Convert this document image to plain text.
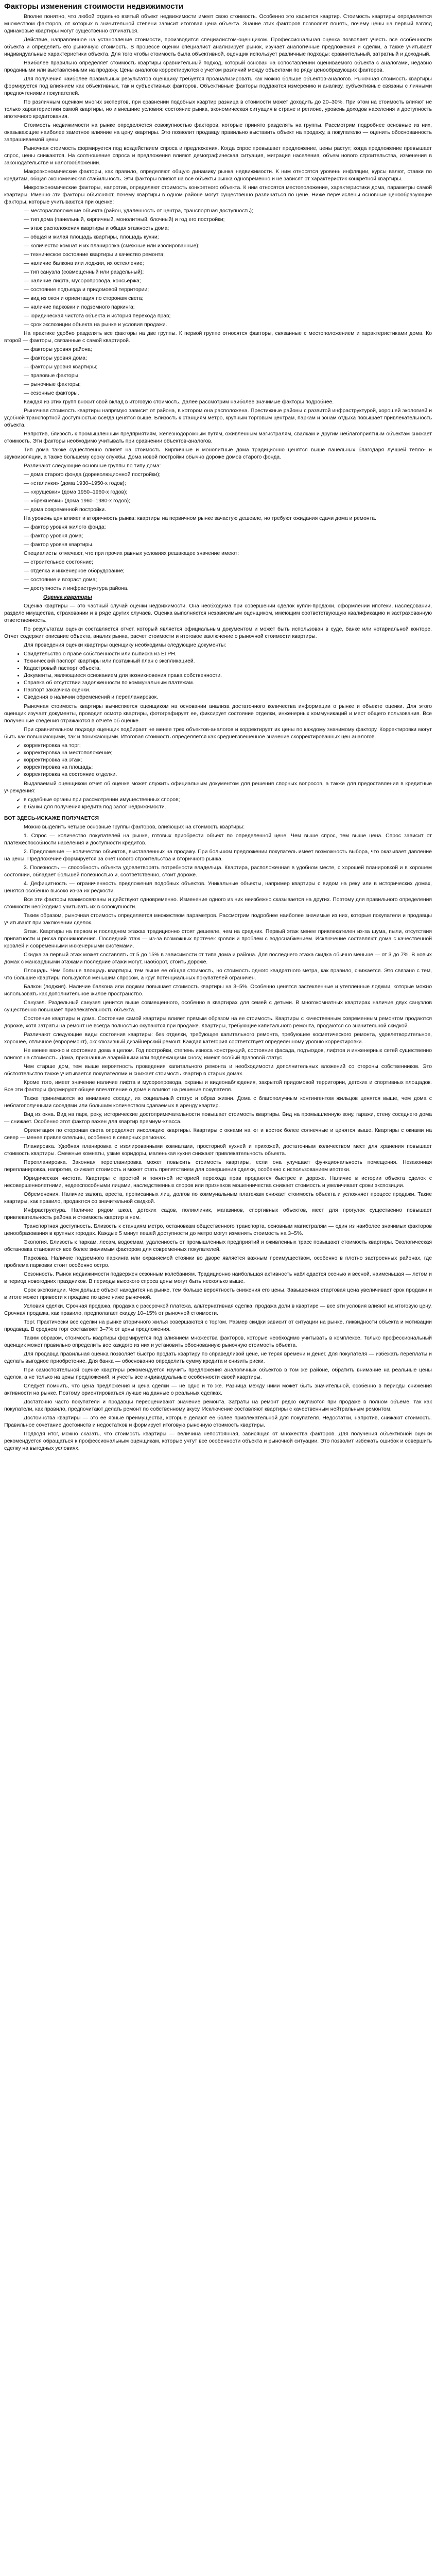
Факторы изменения стоимости недвижимости

Вполне понятно, что любой отдельно взятый объект недвижимости имеет свою стоимость. Особенно это касается квартир. Стоимость квартиры определяется множеством факторов, от которых в значительной степени зависит итоговая цена объекта. Знание этих факторов позволяет понять, почему цены на первый взгляд одинаковые квартиры могут существенно отличаться.

Действие, направленное на установление стоимости, производится специалистом-оценщиком. Профессиональная оценка позволяет учесть все особенности объекта и определить его рыночную стоимость. В процессе оценки специалист анализирует рынок, изучает аналогичные предложения и сделки, а также учитывает индивидуальные характеристики объекта. Для того чтобы стоимость была объективной, оценщик использует различные подходы: сравнительный, затратный и доходный.

Наиболее правильно определяет стоимость квартиры сравнительный подход, который основан на сопоставлении оцениваемого объекта с аналогами, недавно проданными или выставленными на продажу. Цены аналогов корректируются с учетом различий между объектами по ряду ценообразующих факторов.

Для получения наиболее правильных результатов оценщику требуется проанализировать как можно больше объектов-аналогов. Рыночная стоимость квартиры формируется под влиянием как объективных, так и субъективных факторов. Объективные факторы поддаются измерению и анализу, субъективные связаны с личными предпочтениями покупателей.

По различным оценкам многих экспертов, при сравнении подобных квартир разница в стоимости может доходить до 20–30%. При этом на стоимость влияют не только характеристики самой квартиры, но и внешние условия: состояние рынка, экономическая ситуация в стране и регионе, уровень доходов населения и доступность ипотечного кредитования.

Стоимость недвижимости на рынке определяется совокупностью факторов, которые принято разделять на группы. Рассмотрим подробнее основные из них, оказывающие наиболее заметное влияние на цену квартиры. Это позволит продавцу правильно выставить объект на продажу, а покупателю — оценить обоснованность запрашиваемой цены.

Рыночная стоимость формируется под воздействием спроса и предложения. Когда спрос превышает предложение, цены растут; когда предложение превышает спрос, цены снижаются. На соотношение спроса и предложения влияют демографическая ситуация, миграция населения, объем нового строительства, изменения в законодательстве и налогообложении.

Макроэкономические факторы, как правило, определяют общую динамику рынка недвижимости. К ним относятся уровень инфляции, курсы валют, ставки по кредитам, общая экономическая стабильность. Эти факторы влияют на все объекты рынка одновременно и не зависят от характеристик конкретной квартиры.

Микроэкономические факторы, напротив, определяют стоимость конкретного объекта. К ним относятся местоположение, характеристики дома, параметры самой квартиры. Именно эти факторы объясняют, почему квартиры в одном районе могут существенно различаться по цене. Ниже перечислены основные ценообразующие факторы, которые учитываются при оценке:

— месторасположение объекта (район, удаленность от центра, транспортная доступность);

— тип дома (панельный, кирпичный, монолитный, блочный) и год его постройки;

— этаж расположения квартиры и общая этажность дома;

— общая и жилая площадь квартиры, площадь кухни;

— количество комнат и их планировка (смежные или изолированные);

— техническое состояние квартиры и качество ремонта;

— наличие балкона или лоджии, их остекление;

— тип санузла (совмещенный или раздельный);

— наличие лифта, мусоропровода, консьержа;

— состояние подъезда и придомовой территории;

— вид из окон и ориентация по сторонам света;

— наличие парковки и подземного паркинга;

— юридическая чистота объекта и история перехода прав;

— срок экспозиции объекта на рынке и условия продажи.

На практике удобно разделять все факторы на две группы. К первой группе относятся факторы, связанные с местоположением и характеристиками дома. Ко второй — факторы, связанные с самой квартирой.

— факторы уровня района;

— факторы уровня дома;

— факторы уровня квартиры;

— правовые факторы;

— рыночные факторы;

— сезонные факторы.

Каждая из этих групп вносит свой вклад в итоговую стоимость. Далее рассмотрим наиболее значимые факторы подробнее.

Рыночная стоимость квартиры напрямую зависит от района, в котором она расположена. Престижные районы с развитой инфраструктурой, хорошей экологией и удобной транспортной доступностью всегда ценятся выше. Близость к станциям метро, крупным торговым центрам, паркам и зонам отдыха повышает привлекательность объекта.

Напротив, близость к промышленным предприятиям, железнодорожным путям, оживленным магистралям, свалкам и другим неблагоприятным объектам снижает стоимость. Эти факторы необходимо учитывать при сравнении объектов-аналогов.

Тип дома также существенно влияет на стоимость. Кирпичные и монолитные дома традиционно ценятся выше панельных благодаря лучшей тепло- и звукоизоляции, а также большему сроку службы. Дома новой постройки обычно дороже домов старого фонда.

Различают следующие основные группы по типу дома:

— дома старого фонда (дореволюционной постройки);

— «сталинки» (дома 1930–1950-х годов);

— «хрущевки» (дома 1950–1960-х годов);

— «брежневки» (дома 1960–1980-х годов);

— дома современной постройки.

На уровень цен влияет и вторичность рынка: квартиры на первичном рынке зачастую дешевле, но требуют ожидания сдачи дома и ремонта.

— фактор уровня жилого фонда;

— фактор уровня дома;

— фактор уровня квартиры.

Специалисты отмечают, что при прочих равных условиях решающее значение имеют:

— строительное состояние;

— отделка и инженерное оборудование;

— состояние и возраст дома;

— доступность и инфраструктура района.

Оценка квартиры

Оценка квартиры — это частный случай оценки недвижимости. Она необходима при совершении сделок купли-продажи, оформлении ипотеки, наследовании, разделе имущества, страховании и в ряде других случаев. Оценка выполняется независимым оценщиком, имеющим соответствующую квалификацию и застрахованную ответственность.

По результатам оценки составляется отчет, который является официальным документом и может быть использован в суде, банке или нотариальной конторе. Отчет содержит описание объекта, анализ рынка, расчет стоимости и итоговое заключение о рыночной стоимости квартиры.

Для проведения оценки квартиры оценщику необходимы следующие документы:

• Свидетельство о праве собственности или выписка из ЕГРН.
• Технический паспорт квартиры или поэтажный план с экспликацией.
• Кадастровый паспорт объекта.
• Документы, являющиеся основанием для возникновения права собственности.
• Справка об отсутствии задолженности по коммунальным платежам.
• Паспорт заказчика оценки.
• Сведения о наличии обременений и перепланировок.

Рыночная стоимость квартиры вычисляется оценщиком на основании анализа достаточного количества информации о рынке и объекте оценки. Для этого оценщик изучает документы, проводит осмотр квартиры, фотографирует ее, фиксирует состояние отделки, инженерных коммуникаций и мест общего пользования. Все полученные сведения отражаются в отчете об оценке.

При сравнительном подходе оценщик подбирает не менее трех объектов-аналогов и корректирует их цены по каждому значимому фактору. Корректировки могут быть как повышающими, так и понижающими. Итоговая стоимость определяется как средневзвешенное значение скорректированных цен аналогов.

✔ корректировка на торг;
✔ корректировка на местоположение;
✔ корректировка на этаж;
✔ корректировка на площадь;
✔ корректировка на состояние отделки.

Выдаваемый оценщиком отчет об оценке может служить официальным документом для решения спорных вопросов, а также для предоставления в кредитные учреждения:

✔ в судебные органы при рассмотрении имущественных споров;
✔ в банки для получения кредита под залог недвижимости.

ВОТ ЗДЕСЬ-ИСКАЖЕ ПОЛУЧАЕТСЯ

Можно выделить четыре основные группы факторов, влияющих на стоимость квартиры:

1. Спрос — количество покупателей на рынке, готовых приобрести объект по определенной цене. Чем выше спрос, тем выше цена. Спрос зависит от платежеспособности населения и доступности кредитов.

2. Предложение — количество объектов, выставленных на продажу. При большом предложении покупатель имеет возможность выбора, что оказывает давление на цены. Предложение формируется за счет нового строительства и вторичного рынка.

3. Полезность — способность объекта удовлетворять потребности владельца. Квартира, расположенная в удобном месте, с хорошей планировкой и в хорошем состоянии, обладает большей полезностью и, соответственно, стоит дороже.

4. Дефицитность — ограниченность предложения подобных объектов. Уникальные объекты, например квартиры с видом на реку или в исторических домах, ценятся особенно высоко из-за их редкости.

Все эти факторы взаимосвязаны и действуют одновременно. Изменение одного из них неизбежно сказывается на других. Поэтому для правильного определения стоимости необходимо учитывать их в совокупности.

Таким образом, рыночная стоимость определяется множеством параметров. Рассмотрим подробнее наиболее значимые из них, которые покупатели и продавцы учитывают при заключении сделок.

Этаж. Квартиры на первом и последнем этажах традиционно стоят дешевле, чем на средних. Первый этаж менее привлекателен из-за шума, пыли, отсутствия приватности и риска проникновения. Последний этаж — из-за возможных протечек кровли и проблем с водоснабжением. Исключение составляют дома с качественной кровлей и современными инженерными системами.

Скидка за первый этаж может составлять от 5 до 15% в зависимости от типа дома и района. Для последнего этажа скидка обычно меньше — от 3 до 7%. В новых домах с мансардными этажами последние этажи могут, наоборот, стоить дороже.

Площадь. Чем больше площадь квартиры, тем выше ее общая стоимость, но стоимость одного квадратного метра, как правило, снижается. Это связано с тем, что большие квартиры пользуются меньшим спросом, а круг потенциальных покупателей ограничен.

Балкон (лоджия). Наличие балкона или лоджии повышает стоимость квартиры на 3–5%. Особенно ценятся застекленные и утепленные лоджии, которые можно использовать как дополнительное жилое пространство.

Санузел. Раздельный санузел ценится выше совмещенного, особенно в квартирах для семей с детьми. В многокомнатных квартирах наличие двух санузлов существенно повышает привлекательность объекта.

Состояние квартиры и дома. Состояние самой квартиры влияет прямым образом на ее стоимость. Квартиры с качественным современным ремонтом продаются дороже, хотя затраты на ремонт не всегда полностью окупаются при продаже. Квартиры, требующие капитального ремонта, продаются со значительной скидкой.

Различают следующие виды состояния квартиры: без отделки, требующее капитального ремонта, требующее косметического ремонта, удовлетворительное, хорошее, отличное (евроремонт), эксклюзивный дизайнерский ремонт. Каждая категория соответствует определенному уровню корректировки.

Не менее важно и состояние дома в целом. Год постройки, степень износа конструкций, состояние фасада, подъездов, лифтов и инженерных сетей существенно влияют на стоимость. Дома, признанные аварийными или подлежащими сносу, имеют особый правовой статус.

Чем старше дом, тем выше вероятность проведения капитального ремонта и необходимости дополнительных вложений со стороны собственников. Это обстоятельство также учитывается покупателями и снижает стоимость квартир в старых домах.

Кроме того, имеет значение наличие лифта и мусоропровода, охраны и видеонаблюдения, закрытой придомовой территории, детских и спортивных площадок. Все эти факторы формируют общее впечатление о доме и влияют на решение покупателя.

Также принимаются во внимание соседи, их социальный статус и образ жизни. Дома с благополучным контингентом жильцов ценятся выше, чем дома с неблагополучными соседями или большим количеством сдаваемых в аренду квартир.

Вид из окна. Вид на парк, реку, исторические достопримечательности повышает стоимость квартиры. Вид на промышленную зону, гаражи, стену соседнего дома — снижает. Особенно этот фактор важен для квартир премиум-класса.

Ориентация по сторонам света определяет инсоляцию квартиры. Квартиры с окнами на юг и восток более солнечные и ценятся выше. Квартиры с окнами на север — менее привлекательны, особенно в северных регионах.

Планировка. Удобная планировка с изолированными комнатами, просторной кухней и прихожей, достаточным количеством мест для хранения повышает стоимость квартиры. Смежные комнаты, узкие коридоры, маленькая кухня снижают привлекательность объекта.

Перепланировка. Законная перепланировка может повысить стоимость квартиры, если она улучшает функциональность помещения. Незаконная перепланировка, напротив, снижает стоимость и может стать препятствием для совершения сделки, особенно с использованием ипотеки.

Юридическая чистота. Квартиры с простой и понятной историей перехода прав продаются быстрее и дороже. Наличие в истории объекта сделок с несовершеннолетними, недееспособными лицами, наследственных споров или признаков мошенничества снижает стоимость и увеличивает сроки экспозиции.

Обременения. Наличие залога, ареста, прописанных лиц, долгов по коммунальным платежам снижает стоимость объекта и усложняет процесс продажи. Такие квартиры, как правило, продаются со значительной скидкой.

Инфраструктура. Наличие рядом школ, детских садов, поликлиник, магазинов, спортивных объектов, мест для прогулок существенно повышает привлекательность района и стоимость квартир в нем.

Транспортная доступность. Близость к станциям метро, остановкам общественного транспорта, основным магистралям — один из наиболее значимых факторов ценообразования в крупных городах. Каждые 5 минут пешей доступности до метро могут изменять стоимость на 3–5%.

Экология. Близость к паркам, лесам, водоемам, удаленность от промышленных предприятий и оживленных трасс повышают стоимость квартиры. Экологическая обстановка становится все более значимым фактором для современных покупателей.

Парковка. Наличие подземного паркинга или охраняемой стоянки во дворе является важным преимуществом, особенно в плотно застроенных районах, где проблема парковки стоит особенно остро.

Сезонность. Рынок недвижимости подвержен сезонным колебаниям. Традиционно наибольшая активность наблюдается осенью и весной, наименьшая — летом и в период новогодних праздников. В периоды высокого спроса цены могут быть несколько выше.

Срок экспозиции. Чем дольше объект находится на рынке, тем больше вероятность снижения его цены. Завышенная стартовая цена увеличивает срок продажи и в итоге может привести к продаже по цене ниже рыночной.

Условия сделки. Срочная продажа, продажа с рассрочкой платежа, альтернативная сделка, продажа доли в квартире — все эти условия влияют на итоговую цену. Срочная продажа, как правило, предполагает скидку 10–15% от рыночной стоимости.

Торг. Практически все сделки на рынке вторичного жилья совершаются с торгом. Размер скидки зависит от ситуации на рынке, ликвидности объекта и мотивации продавца. В среднем торг составляет 3–7% от цены предложения.

Таким образом, стоимость квартиры формируется под влиянием множества факторов, которые необходимо учитывать в комплексе. Только профессиональный оценщик может правильно определить вес каждого из них и установить обоснованную рыночную стоимость объекта.

Для продавца правильная оценка позволяет быстро продать квартиру по справедливой цене, не теряя времени и денег. Для покупателя — избежать переплаты и сделать выгодное приобретение. Для банка — обоснованно определить сумму кредита и снизить риски.

При самостоятельной оценке квартиры рекомендуется изучить предложения аналогичных объектов в том же районе, обратить внимание на реальные цены сделок, а не только на цены предложений, и учесть все индивидуальные особенности своей квартиры.

Следует помнить, что цена предложения и цена сделки — не одно и то же. Разница между ними может быть значительной, особенно в периоды снижения активности на рынке. Поэтому ориентироваться лучше на данные о реальных сделках.

Достаточно часто покупатели и продавцы переоценивают значение ремонта. Затраты на ремонт редко окупаются при продаже в полном объеме, так как покупатели, как правило, предпочитают делать ремонт по собственному вкусу. Исключение составляют квартиры с качественным нейтральным ремонтом.

Достоинства квартиры — это ее явные преимущества, которые делают ее более привлекательной для покупателя. Недостатки, напротив, снижают стоимость. Правильное сочетание достоинств и недостатков и формирует итоговую рыночную стоимость квартиры.

Подводя итог, можно сказать, что стоимость квартиры — величина непостоянная, зависящая от множества факторов. Для получения объективной оценки рекомендуется обращаться к профессиональным оценщикам, которые учтут все особенности объекта и рыночной ситуации. Это позволит избежать ошибок и совершить сделку на выгодных условиях.
